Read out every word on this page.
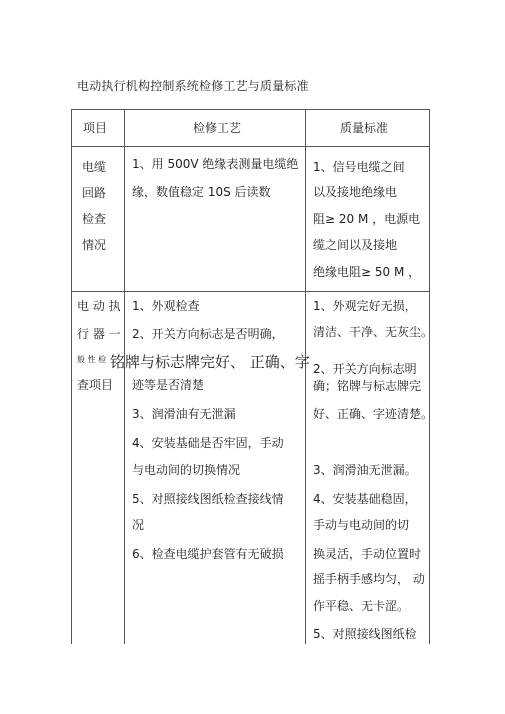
电动执行机构控制系统检修工艺与质量标准
项目	检修工艺	质量标准
电缆
回路
检查
情况
1、用 500V 绝缘表测量电缆绝
缘，数值稳定 10S 后读数
1、信号电缆之间
以及接地绝缘电
阻≥ 20 M ，电源电
缆之间以及接地
绝缘电阻≥ 50 M ，
电 动 执
行 器 一
般 性 检
查项目
1、外观检查
2、开关方向标志是否明确，
铭牌与标志牌完好、 正确、字
迹等是否清楚
3、润滑油有无泄漏
4、安装基础是否牢固，手动
与电动间的切换情况
5、对照接线图纸检查接线情
况
6、检查电缆护套管有无破损
1、外观完好无损，
清洁、干净、无灰尘。
2、开关方向标志明
确；铭牌与标志牌完
好、正确、字迹清楚。
3、润滑油无泄漏。
4、安装基础稳固，
手动与电动间的切
换灵活，手动位置时
摇手柄手感均匀， 动
作平稳、无卡涩。
5、对照接线图纸检
